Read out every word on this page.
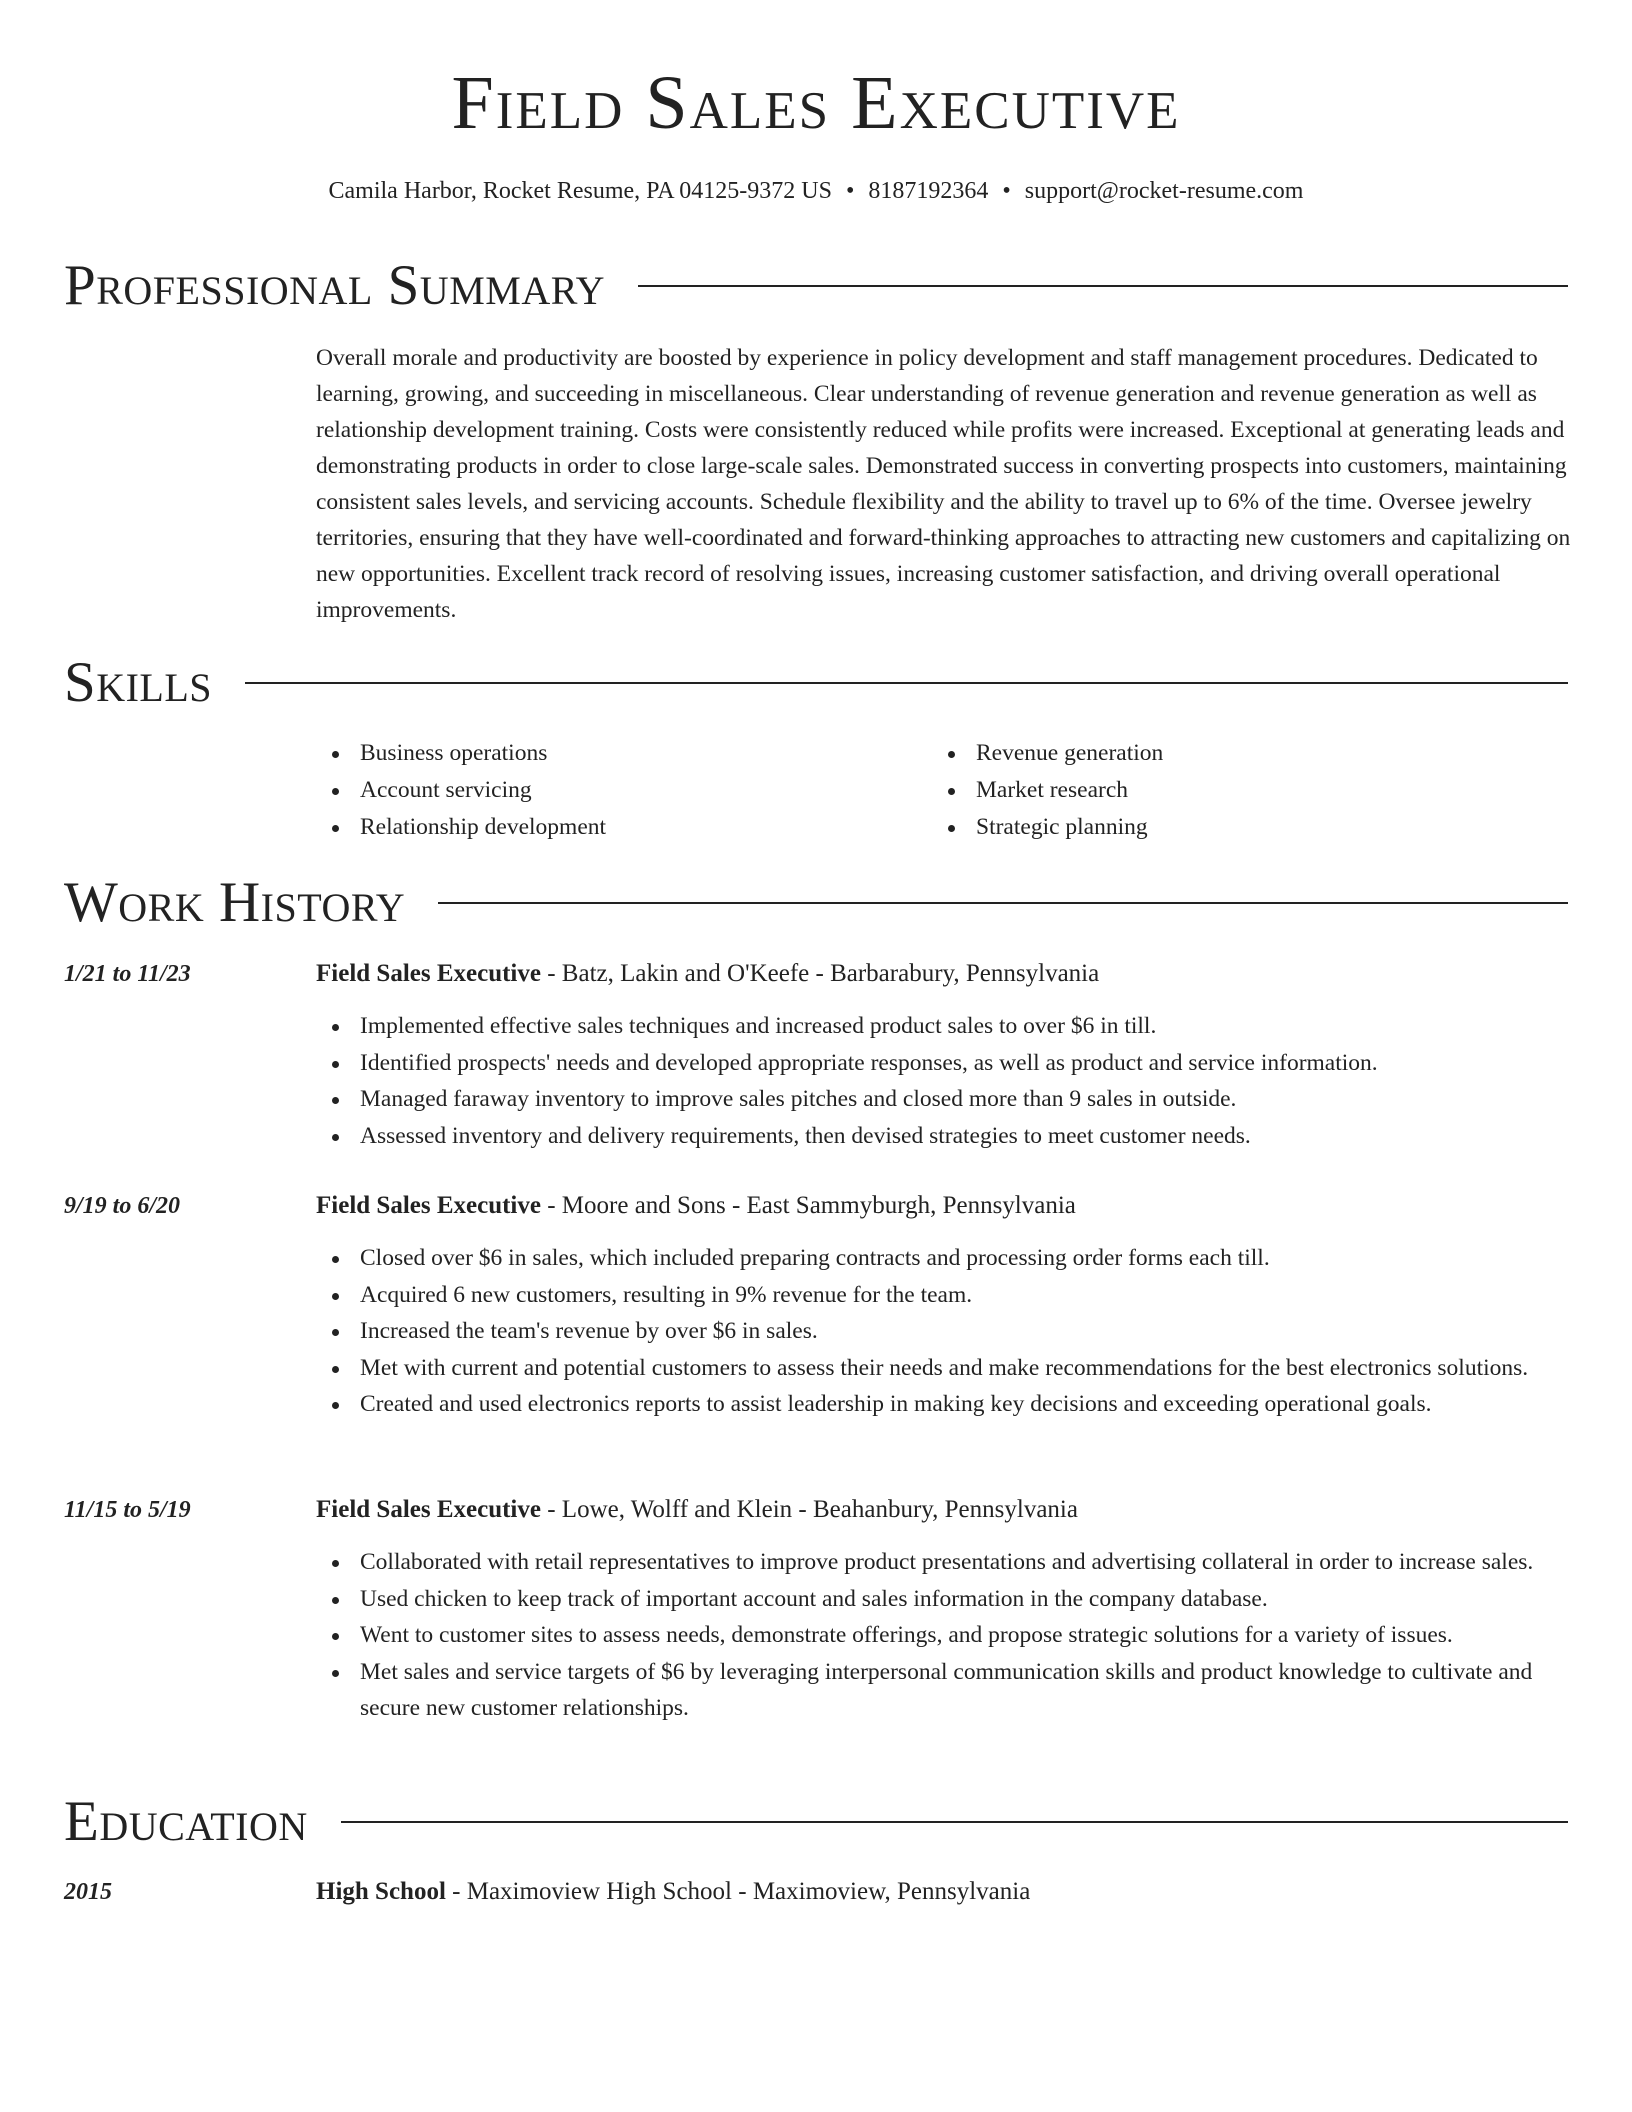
Field Sales Executive
Camila Harbor, Rocket Resume, PA 04125-9372 US • 8187192364 • support@rocket-resume.com
Professional Summary

Overall morale and productivity are boosted by experience in policy development and staff management procedures. Dedicated to learning, growing, and succeeding in miscellaneous. Clear understanding of revenue generation and revenue generation as well as relationship development training. Costs were consistently reduced while profits were increased. Exceptional at generating leads and demonstrating products in order to close large-scale sales. Demonstrated success in converting prospects into customers, maintaining consistent sales levels, and servicing accounts. Schedule flexibility and the ability to travel up to 6% of the time. Oversee jewelry territories, ensuring that they have well-coordinated and forward-thinking approaches to attracting new customers and capitalizing on new opportunities. Excellent track record of resolving issues, increasing customer satisfaction, and driving overall operational improvements.

Skills
Business operations
Account servicing
Relationship development
Revenue generation
Market research
Strategic planning
Work History
1/21 to 11/23	Field Sales Executive - Batz, Lakin and O'Keefe - Barbarabury, Pennsylvania
Implemented effective sales techniques and increased product sales to over $6 in till.
Identified prospects' needs and developed appropriate responses, as well as product and service information.
Managed faraway inventory to improve sales pitches and closed more than 9 sales in outside.
Assessed inventory and delivery requirements, then devised strategies to meet customer needs.
9/19 to 6/20	Field Sales Executive - Moore and Sons - East Sammyburgh, Pennsylvania
Closed over $6 in sales, which included preparing contracts and processing order forms each till.
Acquired 6 new customers, resulting in 9% revenue for the team.
Increased the team's revenue by over $6 in sales.
Met with current and potential customers to assess their needs and make recommendations for the best electronics solutions.
Created and used electronics reports to assist leadership in making key decisions and exceeding operational goals.
11/15 to 5/19	Field Sales Executive - Lowe, Wolff and Klein - Beahanbury, Pennsylvania
Collaborated with retail representatives to improve product presentations and advertising collateral in order to increase sales.
Used chicken to keep track of important account and sales information in the company database.
Went to customer sites to assess needs, demonstrate offerings, and propose strategic solutions for a variety of issues.
Met sales and service targets of $6 by leveraging interpersonal communication skills and product knowledge to cultivate and secure new customer relationships.
Education
2015	High School - Maximoview High School - Maximoview, Pennsylvania
